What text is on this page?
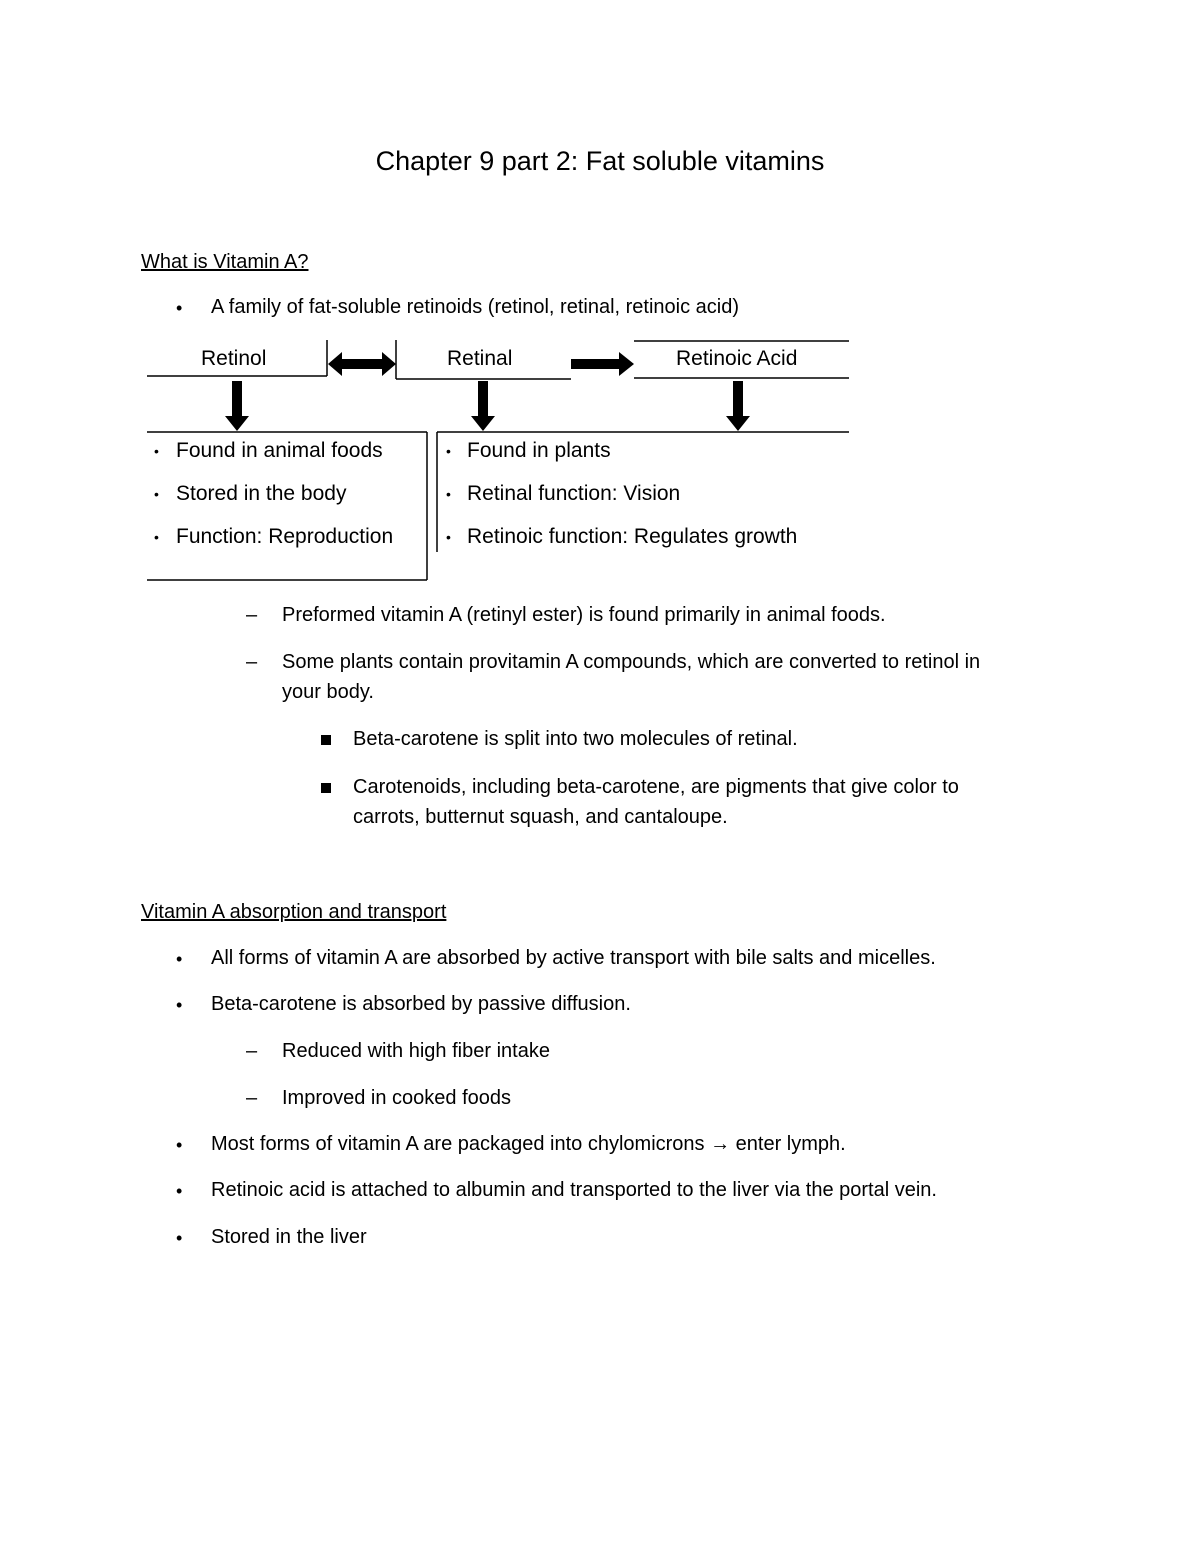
Chapter 9 part 2: Fat soluble vitamins
What is Vitamin A?
• A family of fat-soluble retinoids (retinol, retinal, retinoic acid)
Retinol	Retinal	Retinoic Acid
• Found in animal foods
• Stored in the body
• Function: Reproduction
• Found in plants
• Retinal function: Vision
• Retinoic function: Regulates growth
– Preformed vitamin A (retinyl ester) is found primarily in animal foods.
– Some plants contain provitamin A compounds, which are converted to retinol in
your body.
Beta-carotene is split into two molecules of retinal.
Carotenoids, including beta-carotene, are pigments that give color to
carrots, butternut squash, and cantaloupe.
Vitamin A absorption and transport
• All forms of vitamin A are absorbed by active transport with bile salts and micelles.
• Beta-carotene is absorbed by passive diffusion.
– Reduced with high fiber intake
– Improved in cooked foods
• Most forms of vitamin A are packaged into chylomicrons → enter lymph.
• Retinoic acid is attached to albumin and transported to the liver via the portal vein.
• Stored in the liver
